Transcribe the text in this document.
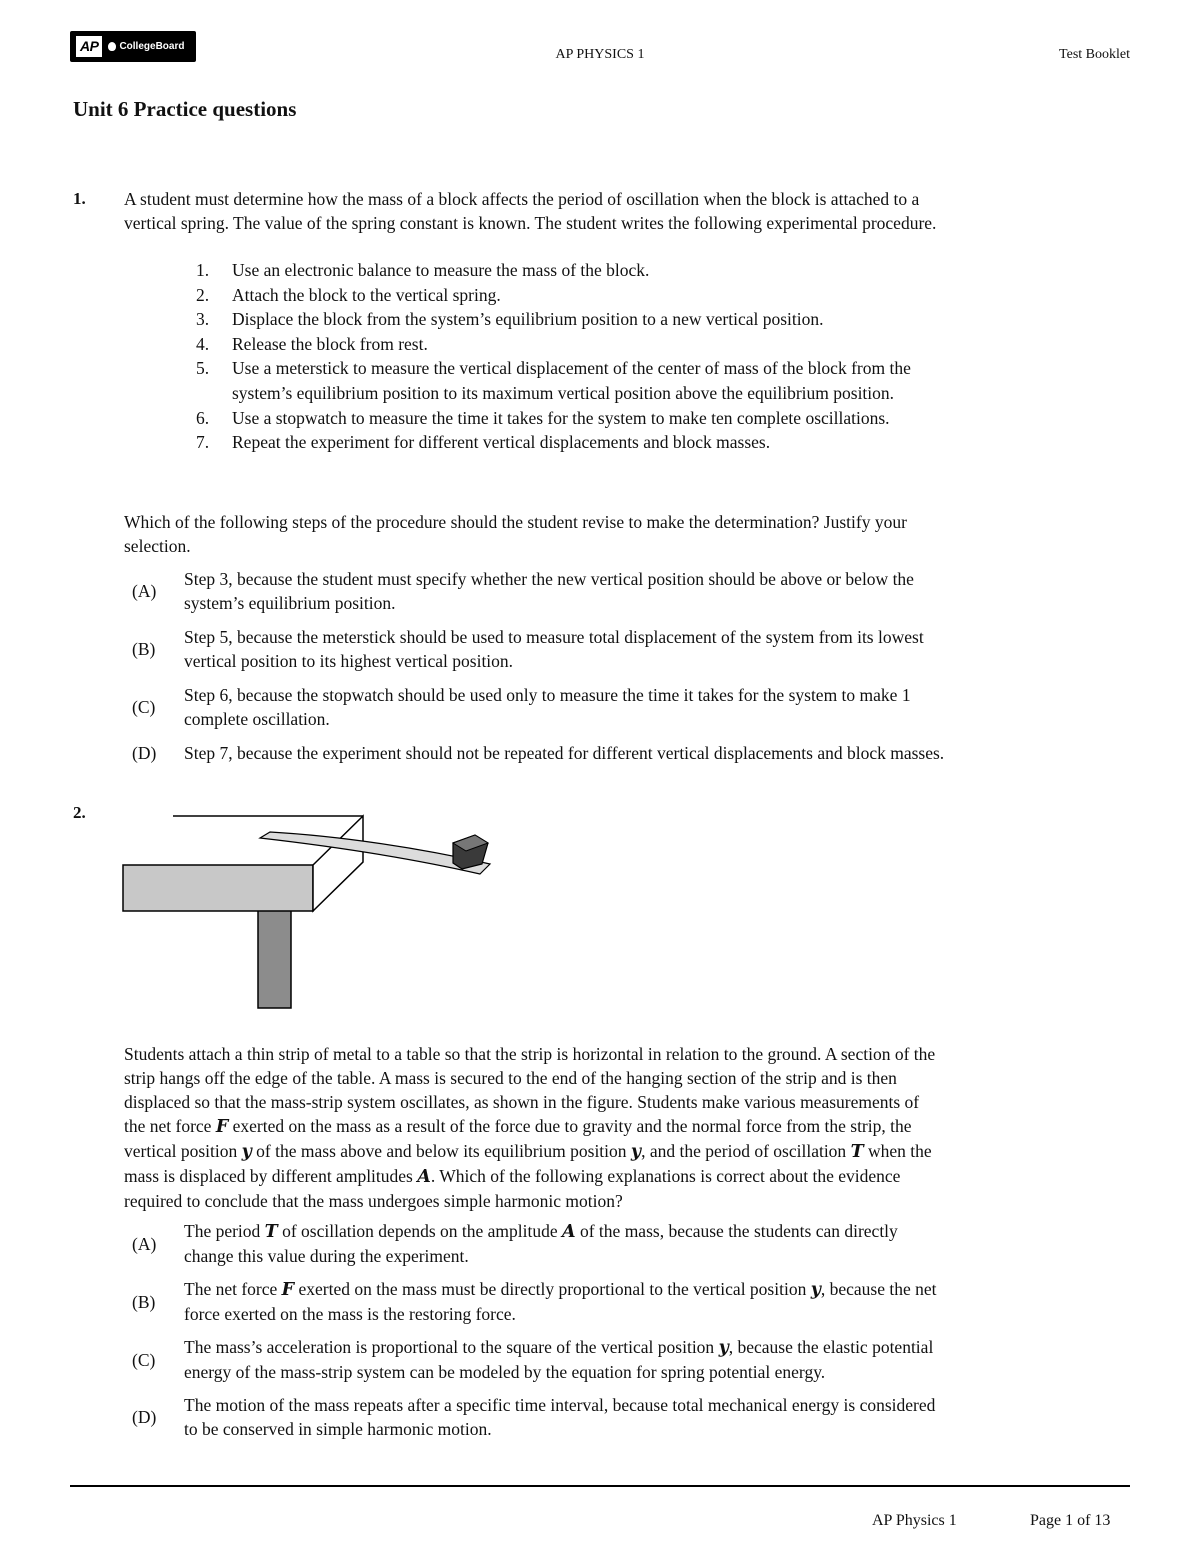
AP	CollegeBoard
AP PHYSICS 1	Test Booklet
Unit 6 Practice questions
1. A student must determine how the mass of a block affects the period of oscillation when the block is attached to a
vertical spring. The value of the spring constant is known. The student writes the following experimental procedure.
1.	Use an electronic balance to measure the mass of the block.
2.	Attach the block to the vertical spring.
3.	Displace the block from the system’s equilibrium position to a new vertical position.
4.	Release the block from rest.
5.	Use a meterstick to measure the vertical displacement of the center of mass of the block from the
system’s equilibrium position to its maximum vertical position above the equilibrium position.
6.	Use a stopwatch to measure the time it takes for the system to make ten complete oscillations.
7.	Repeat the experiment for different vertical displacements and block masses.
Which of the following steps of the procedure should the student revise to make the determination? Justify your
selection.
(A)
Step 3, because the student must specify whether the new vertical position should be above or below the
system’s equilibrium position.
(B)
Step 5, because the meterstick should be used to measure total displacement of the system from its lowest
vertical position to its highest vertical position.
(C)
Step 6, because the stopwatch should be used only to measure the time it takes for the system to make 1
complete oscillation.
(D)	Step 7, because the experiment should not be repeated for different vertical displacements and block masses.
2.
Students attach a thin strip of metal to a table so that the strip is horizontal in relation to the ground. A section of the
strip hangs off the edge of the table. A mass is secured to the end of the hanging section of the strip and is then
displaced so that the mass-strip system oscillates, as shown in the figure. Students make various measurements of
the net force F exerted on the mass as a result of the force due to gravity and the normal force from the strip, the
vertical position y of the mass above and below its equilibrium position y, and the period of oscillation T when the
mass is displaced by different amplitudes A. Which of the following explanations is correct about the evidence
required to conclude that the mass undergoes simple harmonic motion?
(A)
The period T of oscillation depends on the amplitude A of the mass, because the students can directly
change this value during the experiment.
(B)
The net force F exerted on the mass must be directly proportional to the vertical position y, because the net
force exerted on the mass is the restoring force.
(C)
The mass’s acceleration is proportional to the square of the vertical position y, because the elastic potential
energy of the mass-strip system can be modeled by the equation for spring potential energy.
(D)
The motion of the mass repeats after a specific time interval, because total mechanical energy is considered
to be conserved in simple harmonic motion.
AP Physics 1	Page 1 of 13
